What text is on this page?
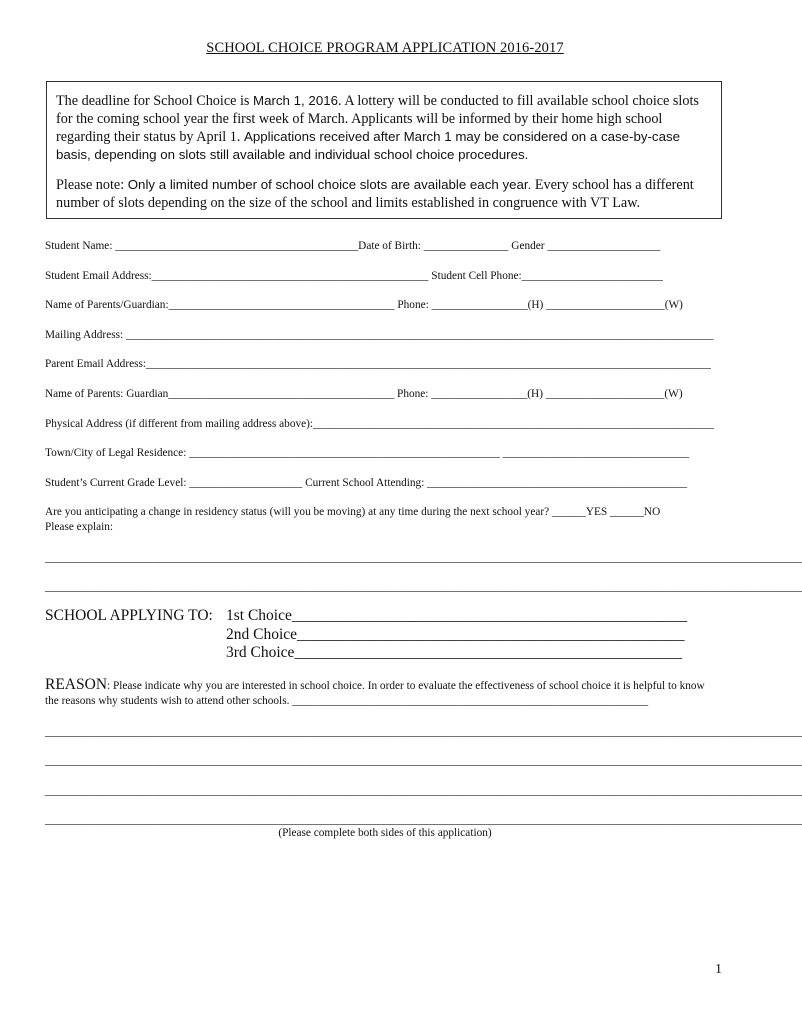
SCHOOL CHOICE PROGRAM APPLICATION 2016-2017
The deadline for School Choice is March 1, 2016. A lottery will be conducted to fill available school choice slots for the coming school year the first week of March. Applicants will be informed by their home high school regarding their status by April 1. Applications received after March 1 may be considered on a case-by-case basis, depending on slots still available and individual school choice procedures.
Please note: Only a limited number of school choice slots are available each year. Every school has a different number of slots depending on the size of the school and limits established in congruence with VT Law.
Student Name: ___________________________________________Date of Birth: _______________ Gender ____________________
Student Email Address:_________________________________________________ Student Cell Phone:_________________________
Name of Parents/Guardian:________________________________________ Phone: _________________(H) _____________________(W)
Mailing Address: ________________________________________________________________________________________________________
Parent Email Address:____________________________________________________________________________________________________
Name of Parents: Guardian________________________________________ Phone: _________________(H) _____________________(W)
Physical Address (if different from mailing address above):_______________________________________________________________________
Town/City of Legal Residence: _______________________________________________________ _________________________________
Student’s Current Grade Level: ____________________ Current School Attending: ______________________________________________
Are you anticipating a change in residency status (will you be moving) at any time during the next school year? ______YES ______NO
Please explain:
______________________________________________________________________________________________________________________________________
______________________________________________________________________________________________________________________________________
SCHOOL APPLYING TO: 1st Choice___________________________________________________
2nd Choice__________________________________________________
3rd Choice__________________________________________________
REASON: Please indicate why you are interested in school choice. In order to evaluate the effectiveness of school choice it is helpful to know the reasons why students wish to attend other schools. _______________________________________________________________
______________________________________________________________________________________________________________________________________
______________________________________________________________________________________________________________________________________
______________________________________________________________________________________________________________________________________
______________________________________________________________________________________________________________________________________
(Please complete both sides of this application)
1
